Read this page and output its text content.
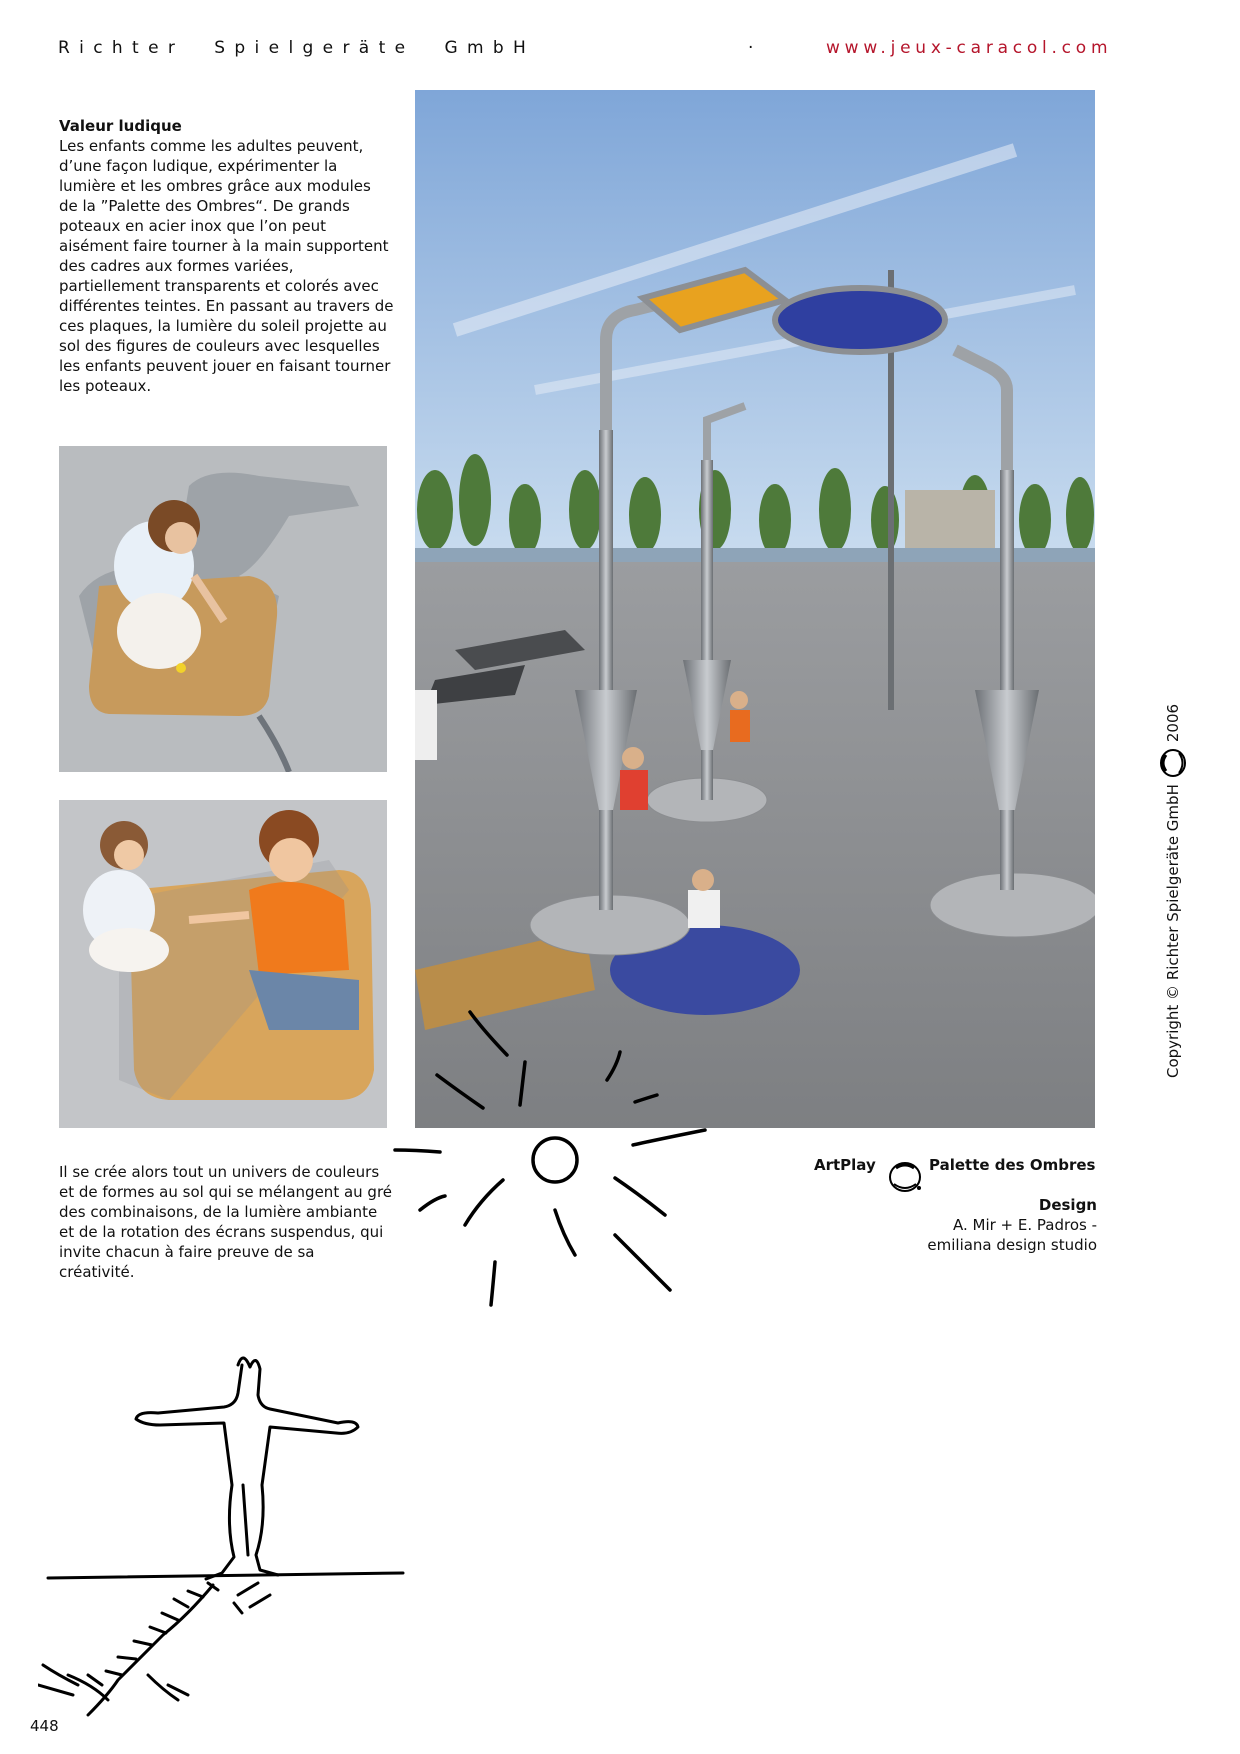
Richter Spielgeräte GmbH	·	www.jeux-caracol.com
Valeur ludique

Les enfants comme les adultes peuvent, d’une façon ludique, expérimenter la lumière et les ombres grâce aux modules de la ”Palette des Ombres“. De grands poteaux en acier inox que l’on peut aisément faire tourner à la main supportent des cadres aux formes variées, partiellement transparents et colorés avec différentes teintes. En passant au travers de ces plaques, la lumière du soleil projette au sol des figures de couleurs avec lesquelles les enfants peuvent jouer en faisant tourner les poteaux.

Il se crée alors tout un univers de couleurs et de formes au sol qui se mélangent au gré des combinaisons, de la lumière ambiante et de la rotation des écrans suspendus, qui invite chacun à faire preuve de sa créativité.

ArtPlay	Palette des Ombres
Design
A. Mir + E. Padros -
emiliana design studio
Copyright © Richter Spielgeräte GmbH
2006
448
